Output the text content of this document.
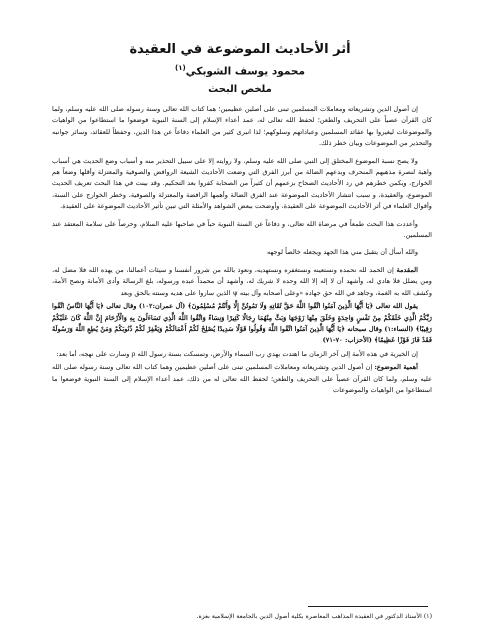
أثر الأحاديث الموضوعة في العقيدة
محمود يوسف الشوبكي$^{(١)}$
ملخص البحث

إن أصول الدين وتشريعاته ومعاملات المسلمين تبنى على أصلين عظيمين؛ هما كتاب الله تعالى وسنة رسوله صلى الله عليه وسلم، ولما كان القرآن عصياً على التحريف والطعن؛ لحفظ الله تعالى له، عمد أعداء الإسلام إلى السنة النبوية فوضعوا ما استطاعوا من الواهيات والموضوعات ليغيروا بها عقائد المسلمين وعباداتهم وسلوكهم؛ لذا انبرى كثير من العلماء دفاعاً عن هذا الدين، وحفظاً للعقائد، وسائر جوانبه والتحذير من الموضوعات وبيان خطر ذلك.

ولا يصح نسبة الموضوع المختلق إلى النبي صلى الله عليه وسلم، ولا روايته إلا على سبيل التحذير منه و أسباب وضع الحديث هي أسباب واهية لنصرة مذهبهم المنحرف وبدعهم الضالة من أبرز الفرق التي وضعت الأحاديث الشيعة الروافض والصوفية والمعتزلة وأقلها وضعاً هم الخوارج، ويكمن خطرهم في رد الأحاديث الصحاح بزعمهم أن كثيراً من الصحابة كفروا بعد التحكيم. وقد بينت في هذا البحث تعريف الحديث الموضوع، والعقيدة، و سبب انتشار الأحاديث الموضوعة عند الفرق الضالة وأهمها الرافضة والمعتزلة والصوفية، وخطر الخوارج على السنة، وأقوال العلماء في أثر الأحاديث الموضوعة على العقيدة، وأوضحت ببعض الشواهد والأمثلة التي تبين تأثير الأحاديث الموضوعة على العقيدة.

وأعددت هذا البحث طمعاً في مرضاة الله تعالى، و دفاعاً عن السنة النبوية حباً في صاحبها عليه السلام، وحرصاً على سلامة المعتقد عند المسلمين.

والله أسأل أن يتقبل مني هذا الجهد ويجعله خالصاً لوجهه

المقدمة إن الحمد لله نحمده ونستعينه ونستغفره ونستهديه، ونعوذ بالله من شرور أنفسنا و سيئات أعمالنا، من يهده الله فلا مضل له، ومن يضلل فلا هادي له، وأشهد أن لا إله إلا الله وحده لا شريك له، وأشهد أن محمداً عبده ورسوله، بلغ الرسالة وأدى الأمانة ونصح الأمة، وكشف الله به الغمة، وجاهد في الله حق جهاده «وعلى أصحابه وآل بيته ψ الذين ساروا على هديه وسنته بالحق وبعد

يقول الله تعالى ﴿يَا أَيُّهَا الَّذِينَ آمَنُوا اتَّقُوا اللَّهَ حَقَّ تُقَاتِهِ وَلَا تَمُوتُنَّ إِلَّا وَأَنْتُمْ مُسْلِمُونَ﴾ (آل عمران:١٠٢) وقال تعالى ﴿يَا أَيُّهَا النَّاسُ اتَّقُوا رَبَّكُمُ الَّذِي خَلَقَكُمْ مِنْ نَفْسٍ وَاحِدَةٍ وَخَلَقَ مِنْهَا زَوْجَهَا وَبَثَّ مِنْهُمَا رِجَالًا كَثِيرًا وَنِسَاءً وَاتَّقُوا اللَّهَ الَّذِي تَسَاءَلُونَ بِهِ وَالْأَرْحَامَ إِنَّ اللَّهَ كَانَ عَلَيْكُمْ رَقِيبًا﴾ (النساء:١) وقال سبحانه ﴿يَا أَيُّهَا الَّذِينَ آمَنُوا اتَّقُوا اللَّهَ وَقُولُوا قَوْلًا سَدِيدًا يُصْلِحْ لَكُمْ أَعْمَالَكُمْ وَيَغْفِرْ لَكُمْ ذُنُوبَكُمْ وَمَنْ يُطِعِ اللَّهَ وَرَسُولَهُ فَقَدْ فَازَ فَوْزًا عَظِيمًا﴾ (الأحزاب: ٧٠-٧١)

إن الخيرية في هذه الأمة إلى آخر الزمان ما اهتدت بهدي رب السماء والأرض، وتمسكت بسنة رسول الله ρ وسارت على نهجه، أما بعد:

أهمية الموضوع: إن أصول الدين وتشريعاته ومعاملات المسلمين تبنى على أصلين عظيمين وهما كتاب الله تعالى وسنة رسوله صلى الله عليه وسلم، ولما كان القرآن عصياً على التحريف والطعن؛ لحفظ الله تعالى له من ذلك، عمد أعداء الإسلام إلى السنة النبوية فوضعوا ما استطاعوا من الواهيات والموضوعات

(١) الأستاذ الدكتور في العقيدة المذاهب المعاصرة بكلية أصول الدين بالجامعة الإسلامية بغزة.
